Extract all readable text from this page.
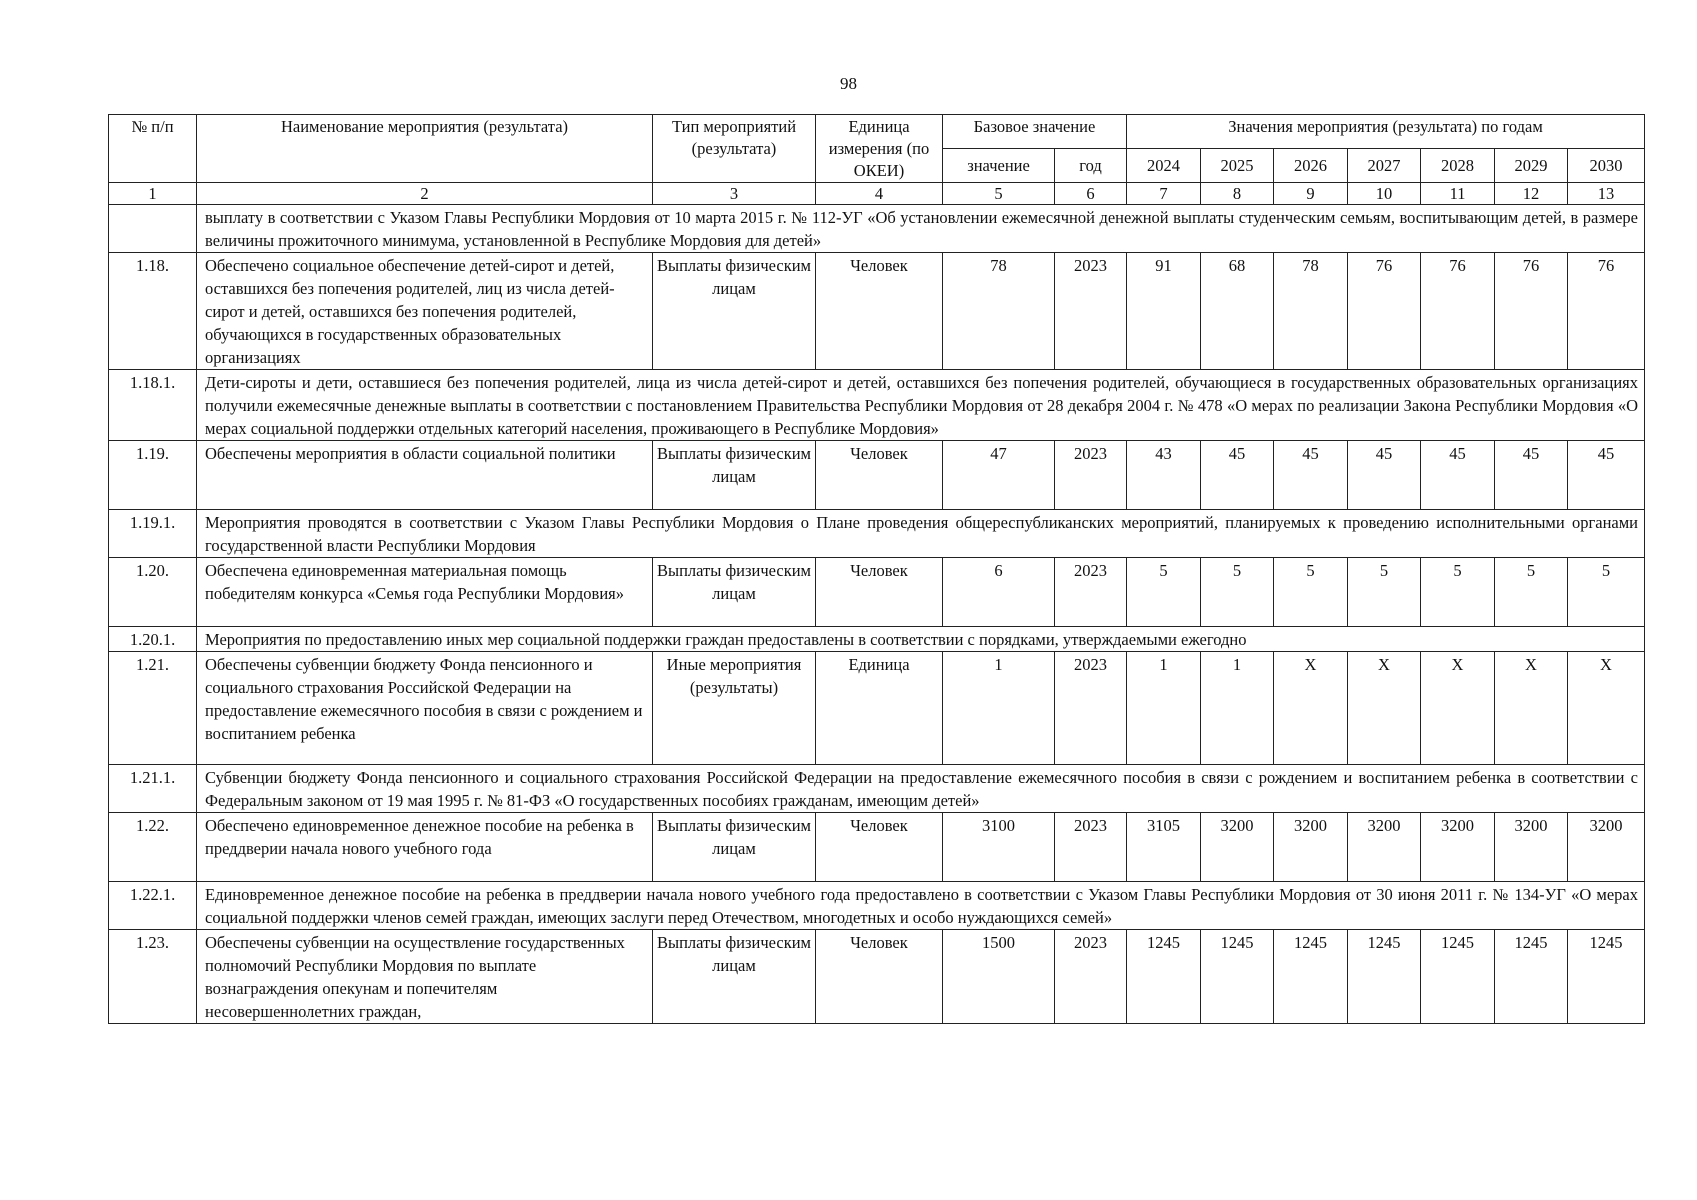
98
№ п/п	Наименование мероприятия (результата)	Тип мероприятий (результата)	Единица измерения (по ОКЕИ)	Базовое значение		Значения мероприятия (результата) по годам						
				значение	год	2024	2025	2026	2027	2028	2029	2030
1	2	3	4	5	6	7	8	9	10	11	12	13
	выплату в соответствии с Указом Главы Республики Мордовия от 10 марта 2015 г. № 112-УГ «Об установлении ежемесячной денежной выплаты студенческим семьям, воспитывающим детей, в размере величины прожиточного минимума, установленной в Республике Мордовия для детей»											
1.18.	Обеспечено социальное обеспечение детей-сирот и детей, оставшихся без попечения родителей, лиц из числа детей-сирот и детей, оставшихся без попечения родителей, обучающихся в государственных образовательных организациях	Выплаты физическим лицам	Человек	78	2023	91	68	78	76	76	76	76
1.18.1.	Дети-сироты и дети, оставшиеся без попечения родителей, лица из числа детей-сирот и детей, оставшихся без попечения родителей, обучающиеся в государственных образовательных организациях получили ежемесячные денежные выплаты в соответствии с постановлением Правительства Республики Мордовия от 28 декабря 2004 г. № 478 «О мерах по реализации Закона Республики Мордовия «О мерах социальной поддержки отдельных категорий населения, проживающего в Республике Мордовия»											
1.19.	Обеспечены мероприятия в области социальной политики	Выплаты физическим лицам	Человек	47	2023	43	45	45	45	45	45	45
1.19.1.	Мероприятия проводятся в соответствии с Указом Главы Республики Мордовия о Плане проведения общереспубликанских мероприятий, планируемых к проведению исполнительными органами государственной власти Республики Мордовия											
1.20.	Обеспечена единовременная материальная помощь победителям конкурса «Семья года Республики Мордовия»	Выплаты физическим лицам	Человек	6	2023	5	5	5	5	5	5	5
1.20.1.	Мероприятия по предоставлению иных мер социальной поддержки граждан предоставлены в соответствии с порядками, утверждаемыми ежегодно											
1.21.	Обеспечены субвенции бюджету Фонда пенсионного и социального страхования Российской Федерации на предоставление ежемесячного пособия в связи с рождением и воспитанием ребенка	Иные мероприятия (результаты)	Единица	1	2023	1	1	X	X	X	X	X
1.21.1.	Субвенции бюджету Фонда пенсионного и социального страхования Российской Федерации на предоставление ежемесячного пособия в связи с рождением и воспитанием ребенка в соответствии с Федеральным законом от 19 мая 1995 г. № 81-ФЗ «О государственных пособиях гражданам, имеющим детей»											
1.22.	Обеспечено единовременное денежное пособие на ребенка в преддверии начала нового учебного года	Выплаты физическим лицам	Человек	3100	2023	3105	3200	3200	3200	3200	3200	3200
1.22.1.	Единовременное денежное пособие на ребенка в преддверии начала нового учебного года предоставлено в соответствии с Указом Главы Республики Мордовия от 30 июня 2011 г. № 134-УГ «О мерах социальной поддержки членов семей граждан, имеющих заслуги перед Отечеством, многодетных и особо нуждающихся семей»											
1.23.	Обеспечены субвенции на осуществление государственных полномочий Республики Мордовия по выплате вознаграждения опекунам и попечителям несовершеннолетних граждан,	Выплаты физическим лицам	Человек	1500	2023	1245	1245	1245	1245	1245	1245	1245
